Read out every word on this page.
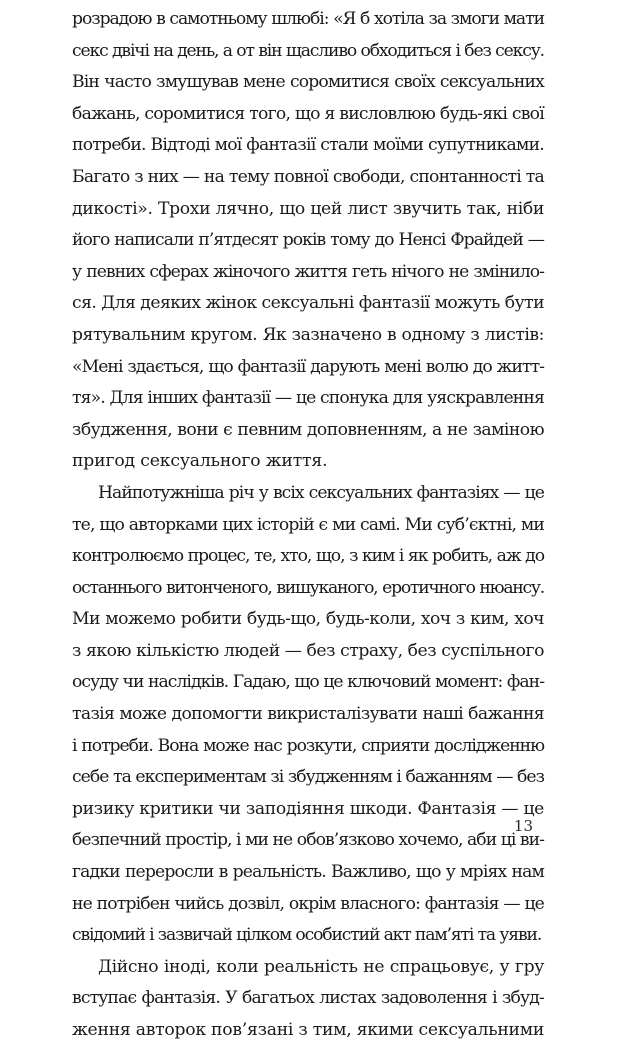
розрадою в самотньому шлюбі: «Я б хотіла за змоги мати
секс двічі на день, а от він щасливо обходиться і без сексу.
Він часто змушував мене соромитися своїх сексуальних
бажань, соромитися того, що я висловлюю будь-які свої
потреби. Відтоді мої фантазії стали моїми супутниками.
Багато з них — на тему повної свободи, спонтанності та
дикості». Трохи лячно, що цей лист звучить так, ніби
його написали п’ятдесят років тому до Ненсі Фрайдей —
у певних сферах жіночого життя геть нічого не змінило-
ся. Для деяких жінок сексуальні фантазії можуть бути
рятувальним кругом. Як зазначено в одному з листів:
«Мені здається, що фантазії дарують мені волю до житт-
тя». Для інших фантазії — це спонука для уяскравлення
збудження, вони є певним доповненням, а не заміною
пригод сексуального життя.
Найпотужніша річ у всіх сексуальних фантазіях — це
те, що авторками цих історій є ми самі. Ми суб’єктні, ми
контролюємо процес, те, хто, що, з ким і як робить, аж до
останнього витонченого, вишуканого, еротичного нюансу.
Ми можемо робити будь-що, будь-коли, хоч з ким, хоч
з якою кількістю людей — без страху, без суспільного
осуду чи наслідків. Гадаю, що це ключовий момент: фан-
тазія може допомогти викристалізувати наші бажання
і потреби. Вона може нас розкути, сприяти дослідженню
себе та експериментам зі збудженням і бажанням — без
ризику критики чи заподіяння шкоди. Фантазія — це
безпечний простір, і ми не обов’язково хочемо, аби ці ви-
гадки переросли в реальність. Важливо, що у мріях нам
не потрібен чийсь дозвіл, окрім власного: фантазія — це
свідомий і зазвичай цілком особистий акт пам’яті та уяви.
Дійсно іноді, коли реальність не спрацьовує, у гру
вступає фантазія. У багатьох листах задоволення і збуд-
ження авторок пов’язані з тим, якими сексуальними
13
